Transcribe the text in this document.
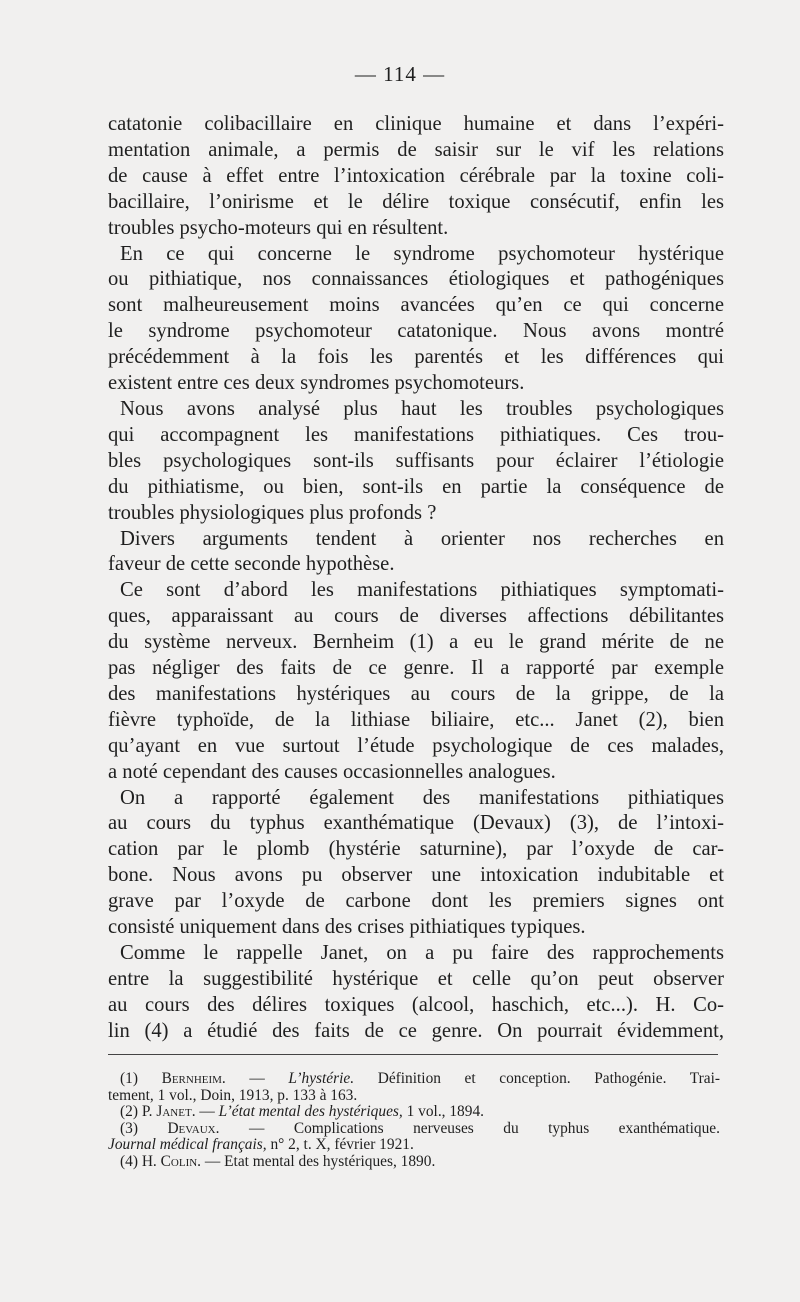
— 114 —
catatonie colibacillaire en clinique humaine et dans l’expéri-
mentation animale, a permis de saisir sur le vif les relations
de cause à effet entre l’intoxication cérébrale par la toxine coli-
bacillaire, l’onirisme et le délire toxique consécutif, enfin les
troubles psycho-moteurs qui en résultent.
En ce qui concerne le syndrome psychomoteur hystérique
ou pithiatique, nos connaissances étiologiques et pathogéniques
sont malheureusement moins avancées qu’en ce qui concerne
le syndrome psychomoteur catatonique. Nous avons montré
précédemment à la fois les parentés et les différences qui
existent entre ces deux syndromes psychomoteurs.
Nous avons analysé plus haut les troubles psychologiques
qui accompagnent les manifestations pithiatiques. Ces trou-
bles psychologiques sont-ils suffisants pour éclairer l’étiologie
du pithiatisme, ou bien, sont-ils en partie la conséquence de
troubles physiologiques plus profonds ?
Divers arguments tendent à orienter nos recherches en
faveur de cette seconde hypothèse.
Ce sont d’abord les manifestations pithiatiques symptomati-
ques, apparaissant au cours de diverses affections débilitantes
du système nerveux. Bernheim (1) a eu le grand mérite de ne
pas négliger des faits de ce genre. Il a rapporté par exemple
des manifestations hystériques au cours de la grippe, de la
fièvre typhoïde, de la lithiase biliaire, etc... Janet (2), bien
qu’ayant en vue surtout l’étude psychologique de ces malades,
a noté cependant des causes occasionnelles analogues.
On a rapporté également des manifestations pithiatiques
au cours du typhus exanthématique (Devaux) (3), de l’intoxi-
cation par le plomb (hystérie saturnine), par l’oxyde de car-
bone. Nous avons pu observer une intoxication indubitable et
grave par l’oxyde de carbone dont les premiers signes ont
consisté uniquement dans des crises pithiatiques typiques.
Comme le rappelle Janet, on a pu faire des rapprochements
entre la suggestibilité hystérique et celle qu’on peut observer
au cours des délires toxiques (alcool, haschich, etc...). H. Co-
lin (4) a étudié des faits de ce genre. On pourrait évidemment,
(1) Bernheim. — L’hystérie. Définition et conception. Pathogénie. Trai-
tement, 1 vol., Doin, 1913, p. 133 à 163.
(2) P. Janet. — L’état mental des hystériques, 1 vol., 1894.
(3) Devaux. — Complications nerveuses du typhus exanthématique.
Journal médical français, n° 2, t. X, février 1921.
(4) H. Colin. — Etat mental des hystériques, 1890.
